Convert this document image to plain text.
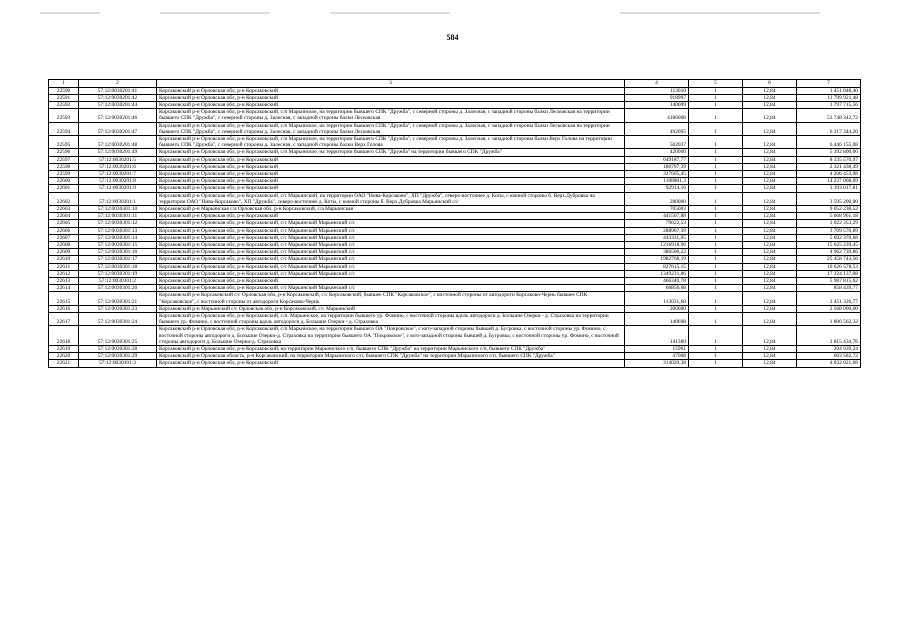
584
1	2	3	4	5	6	7
22590	57:12:0030201:41	Корсаковский р-н Орловская обл, р-н Корсаковский	113010	1	12,84	1 451 048,40
22591	57:12:0030201:42	Корсаковский р-н Орловская обл, р-н Корсаковский	918997	1	12,84	11 799 921,48
22592	57:12:0030201:44	Корсаковский р-н Орловская обл, р-н Корсаковский	140009	1	12,84	1 797 715,56
22593	57:12:0030201:46	Корсаковский р-н Орловская обл, р-н Корсаковский, с/п Марьинское, на территории бывшего СПК "Дружба", с северной стороны д. Залесная, с западной стороны балки Лесковская на территории бывшего СПК "Дружба", с северной стороны д. Залесная, с западной стороны балки Лесковская	4186008	1	12,84	53 748 342,72
22594	57:12:0030201:47	Корсаковский р-н Орловская обл, р-н Корсаковский, с/п Марьинское, на территории бывшего СПК "Дружба", с северной стороны д. Залесная, с западной стороны балки Лесковская на территории бывшего СПК "Дружба", с северной стороны д. Залесная, с западной стороны балки Лесковская	492005	1	12,84	6 317 344,20
22595	57:12:0030201:48	Корсаковский р-н Орловская обл, р-н Корсаковский, с/п Марьинское, на территории бывшего СПК "Дружба", с северной стороны д. Залесная, с западной стороны балки Верх Голова на территории бывшего СПК "Дружба", с северной стороны д. Залесная, с западной стороны балки Верх Голова	502037	1	12,84	6 446 155,08
22596	57:12:0030201:49	Корсаковский р-н Орловская обл, р-н Корсаковский, с/п Марьинское, на территории бывшего СПК "Дружба" на территории бывшего СПК "Дружба"	420000	1	12,84	5 392 800,00
22597	57:12:0030201:5	Корсаковский р-н Орловская обл, р-н Корсаковский	649187,77	1	12,84	8 335 570,97
22598	57:12:0030201:6	Корсаковский р-н Орловская обл, р-н Корсаковский	180797,39	1	12,84	2 321 438,49
22599	57:12:0030201:7	Корсаковский р-н Орловская обл, р-н Корсаковский	327605,45	1	12,84	4 206 453,98
22600	57:12:0030201:8	Корсаковский р-н Орловская обл, р-н Корсаковский	1108801,3	1	12,84	14 237 008,69
22601	57:12:0030201:9	Корсаковский р-н Орловская обл, р-н Корсаковский	92914,16	1	12,84	1 193 017,81
22602	57:12:0030301:1	Корсаковский р-н Орловская обл, р-н Корсаковский, с/с Марьинский, на территории ОАО "Нива-Корсаково", ХП "Дружба", северо-восточнее д. Коты, с южной стороны б. Верх.Дубровка на территории ОАО "Нива-Корсаково", ХП "Дружба", северо-восточнее д. Коты, с южной стороны б. Верх.Дубровка Марьинский с/с	280000	1	12,84	3 595 200,00
22603	57:12:0030301:10	Корсаковский р-н Марьинская с/а Орловская обл, р-н Корсаковский, с/а Марьинская	705003	1	12,84	9 052 238,52
22604	57:12:0030301:11	Корсаковский р-н Орловская обл, р-н Корсаковский	441507,88	1	12,84	5 668 961,18
22605	57:12:0030301:12	Корсаковский р-н Орловская обл, р-н Корсаковский, с/с Марьинский Марьинский с/с	79622,53	1	12,84	1 022 353,29
22606	57:12:0030301:13	Корсаковский р-н Орловская обл, р-н Корсаковский, с/с Марьинский Марьинский с/с	288907,39	1	12,84	3 709 570,89
22607	57:12:0030301:14	Корсаковский р-н Орловская обл, р-н Корсаковский, с/с Марьинский Марьинский с/с	443331,05	1	12,84	5 692 370,68
22608	57:12:0030301:15	Корсаковский р-н Орловская обл, р-н Корсаковский, с/с Марьинский Марьинский с/с	1216918,96	1	12,84	15 625 239,45
22609	57:12:0030301:16	Корсаковский р-н Орловская обл, р-н Корсаковский, с/с Марьинский Марьинский с/с	386506,22	1	12,84	4 962 739,86
22610	57:12:0030301:17	Корсаковский р-н Орловская обл, р-н Корсаковский, с/с Марьинский Марьинский с/с	1982768,19	1	12,84	25 458 743,56
22611	57:12:0030301:18	Корсаковский р-н Орловская обл, р-н Корсаковский, с/с Марьинский Марьинский с/с	827615,15	1	12,84	10 626 578,53
22612	57:12:0030301:19	Корсаковский р-н Орловская обл, р-н Корсаковский, с/с Марьинский Марьинский с/с	1349231,86	1	12,84	17 324 137,08
22613	57:12:0030301:2	Корсаковский р-н Орловская обл, р-н Корсаковский	466340,78	1	12,84	5 987 815,62
22614	57:12:0030301:20	Корсаковский р-н Орловская обл, р-н Корсаковский, с/с Марьинский Марьинский с/с	66856,68	1	12,84	858 439,77
22615	57:12:0030301:21	Корсаковский р-н Корсаковский с/с Орловская обл, р-н Корсаковский, с/с Корсаковский, бывшее СПК "Корсаковское", с восточной стороны от автодороги Корсаково-Чернь бывшее СПК "Корсаковское", с восточной стороны от автодороги Корсаково-Чернь	113031,68	1	12,84	1 451 326,77
22616	57:12:0030301:23	Корсаковский р-н Марьинский с/с Орловская обл, р-н Корсаковский, с/с Марьинский	200000	1	12,84	2 568 000,00
22617	57:12:0030301:24	Корсаковский р-н Орловская обл, р-н Корсаковский, с/п. Марьинское, на территории бывшего ур. Фомино, с восточной стороны вдоль автодороги д. Большие Озерки - д. Страховка на территории бывшего ур. Фомино, с восточной стороны вдоль автодороги д. Большие Озерки - д. Страховка	140698	1	12,84	1 806 562,32
22618	57:12:0030301:25	Корсаковский р-н Орловская обл, р-н Корсаковский, с/п Марьинское, на территории бывшего ОА "Покровское", с юго-западной стороны бывшей д. Бугровка, с восточной стороны ур. Фомино, с восточной стороны автодороги д. Большие Озерки-д. Страховка на территории бывшего ОА "Покровское", с юго-западной стороны бывшей д. Бугровка, с восточной стороны ур. Фомино, с восточной стороны автодороги д. Большие Озерки-д. Страховка	141389	1	12,84	1 815 434,76
22619	57:12:0030301:28	Корсаковский р-н Орловская обл, р-н Корсаковский, на территории Марьинского с/п, бывшего СПК "Дружба" на территории Марьинского с/п, бывшего СПК "Дружба"	15961	1	12,84	204 939,24
22620	57:12:0030301:29	Корсаковский р-н Орловская область, р-н Корсаковский, на территории Марьинского с/п, бывшего СПК "Дружба" на территории Марьинского с/п, бывшего СПК "Дружба"	47008	1	12,84	603 582,72
22621	57:12:0030301:3	Корсаковский р-н Орловская обл, р-н Корсаковский	314020,38	1	12,84	4 032 021,68
